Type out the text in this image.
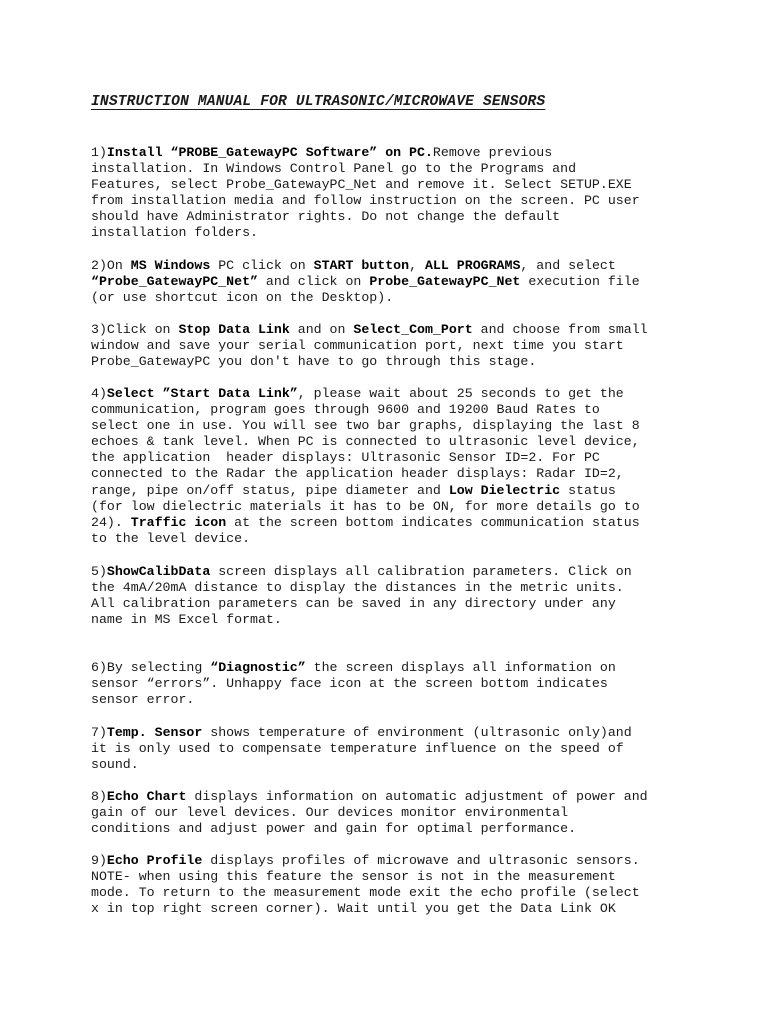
INSTRUCTION MANUAL FOR ULTRASONIC/MICROWAVE SENSORS
1)Install “PROBE_GatewayPC Software” on PC.Remove previous
installation. In Windows Control Panel go to the Programs and
Features, select Probe_GatewayPC_Net and remove it. Select SETUP.EXE
from installation media and follow instruction on the screen. PC user
should have Administrator rights. Do not change the default
installation folders.
2)On MS Windows PC click on START button, ALL PROGRAMS, and select
“Probe_GatewayPC_Net” and click on Probe_GatewayPC_Net execution file
(or use shortcut icon on the Desktop).
3)Click on Stop Data Link and on Select_Com_Port and choose from small
window and save your serial communication port, next time you start
Probe_GatewayPC you don't have to go through this stage.
4)Select ”Start Data Link”, please wait about 25 seconds to get the
communication, program goes through 9600 and 19200 Baud Rates to
select one in use. You will see two bar graphs, displaying the last 8
echoes & tank level. When PC is connected to ultrasonic level device,
the application  header displays: Ultrasonic Sensor ID=2. For PC
connected to the Radar the application header displays: Radar ID=2,
range, pipe on/off status, pipe diameter and Low Dielectric status
(for low dielectric materials it has to be ON, for more details go to
24). Traffic icon at the screen bottom indicates communication status
to the level device.
5)ShowCalibData screen displays all calibration parameters. Click on
the 4mA/20mA distance to display the distances in the metric units.
All calibration parameters can be saved in any directory under any
name in MS Excel format.
6)By selecting “Diagnostic” the screen displays all information on
sensor “errors”. Unhappy face icon at the screen bottom indicates
sensor error.
7)Temp. Sensor shows temperature of environment (ultrasonic only)and
it is only used to compensate temperature influence on the speed of
sound.
8)Echo Chart displays information on automatic adjustment of power and
gain of our level devices. Our devices monitor environmental
conditions and adjust power and gain for optimal performance.
9)Echo Profile displays profiles of microwave and ultrasonic sensors.
NOTE- when using this feature the sensor is not in the measurement
mode. To return to the measurement mode exit the echo profile (select
x in top right screen corner). Wait until you get the Data Link OK
